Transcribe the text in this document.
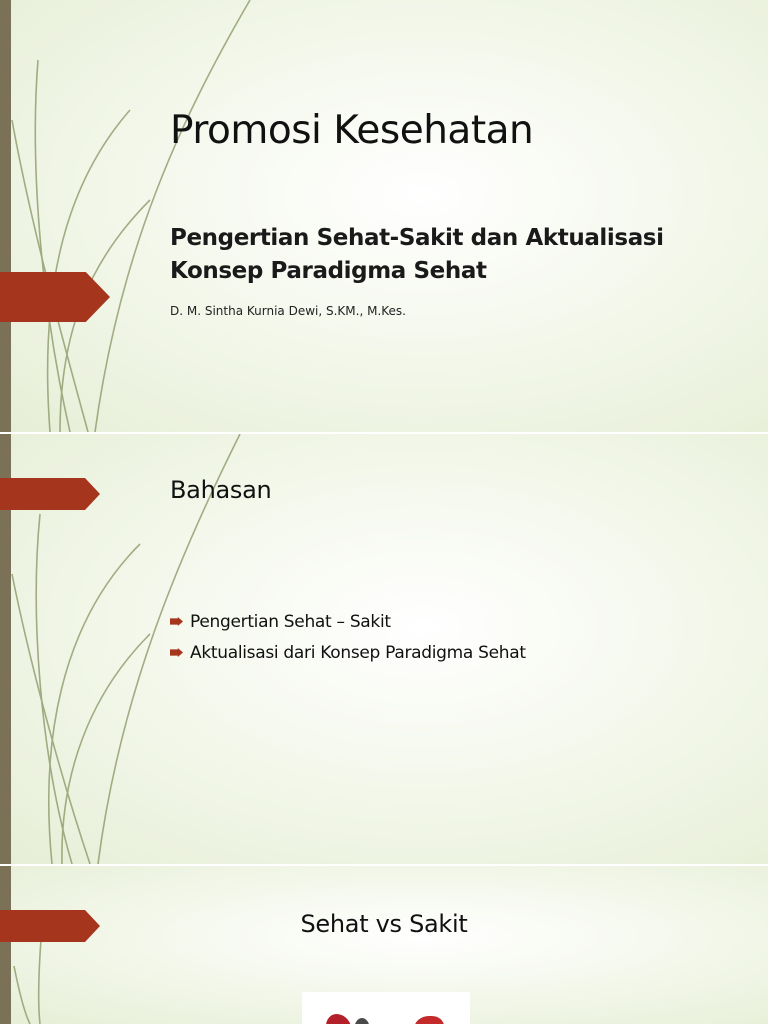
Promosi Kesehatan
Pengertian Sehat-Sakit dan Aktualisasi Konsep Paradigma Sehat
D. M. Sintha Kurnia Dewi, S.KM., M.Kes.
Bahasan
Pengertian Sehat – Sakit
Aktualisasi dari Konsep Paradigma Sehat
Sehat vs Sakit
